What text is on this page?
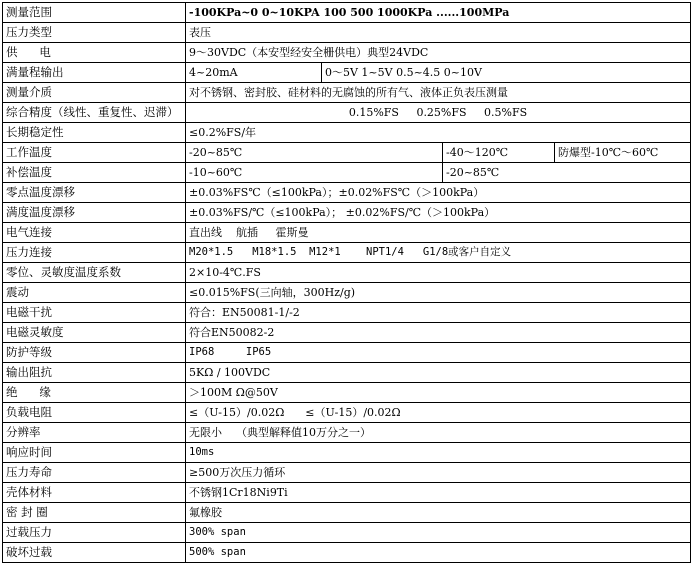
测量范围	-100KPa~0 0~10KPA 100 500 1000KPa ......100MPa			
压力类型	表压			
供      电	9～30VDC（本安型经安全栅供电）典型24VDC			
满量程输出	4~20mA	0～5V 1~5V 0.5~4.5 0~10V		
测量介质	对不锈钢、密封胶、硅材料的无腐蚀的所有气、液体正负表压测量			
综合精度（线性、重复性、迟滞）	0.15%FS     0.25%FS     0.5%FS			
长期稳定性	≤0.2%FS/年			
工作温度	-20~85℃		-40～120℃	防爆型-10℃～60℃
补偿温度	-10~60℃		-20~85℃	
零点温度漂移	±0.03%FS℃（≤100kPa）；±0.02%FS℃（＞100kPa）			
满度温度漂移	±0.03%FS/℃（≤100kPa）； ±0.02%FS/℃（＞100kPa）			
电气连接	直出线    航插     霍斯曼			
压力连接	M20*1.5   M18*1.5  M12*1    NPT1/4   G1/8或客户自定义			
零位、灵敏度温度系数	2×10-4℃.FS			
震动	≤0.015%FS(三向轴，300Hz/g)			
电磁干扰	符合：EN50081-1/-2			
电磁灵敏度	符合EN50082-2			
防护等级	IP68     IP65			
输出阻抗	5KΩ / 100VDC			
绝      缘	＞100M Ω@50V			
负载电阻	≤（U-15）/0.02Ω      ≤（U-15）/0.02Ω			
分辨率	无限小    （典型解释值10万分之一）			
响应时间	10ms			
压力寿命	≥500万次压力循环			
壳体材料	不锈钢1Cr18Ni9Ti			
密 封 圈	氟橡胶			
过载压力	300% span			
破坏过载	500% span			
